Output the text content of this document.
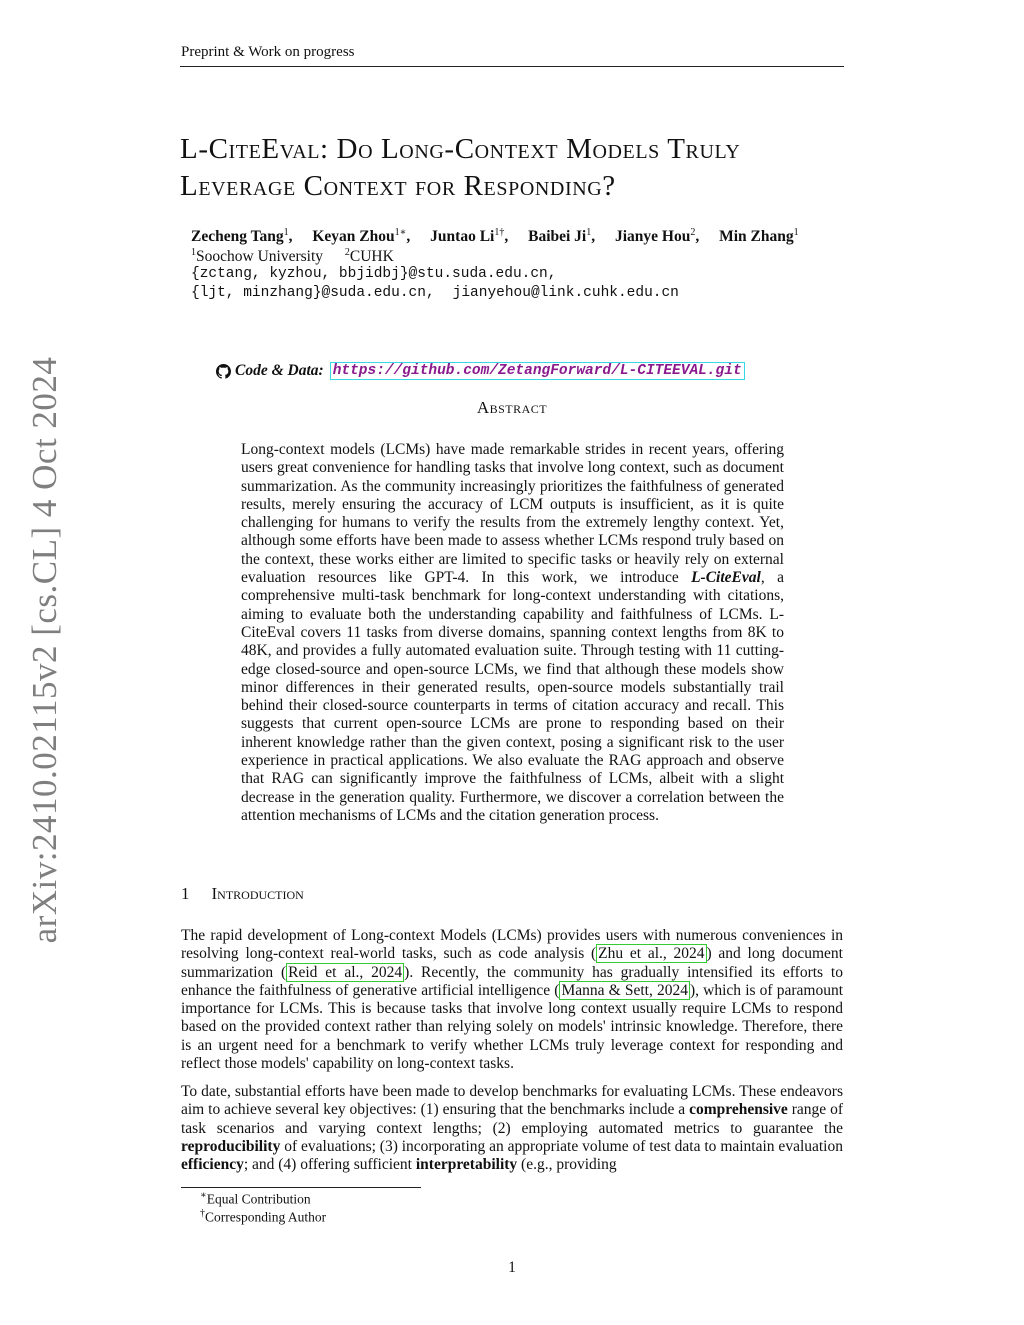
Preprint & Work on progress
arXiv:2410.02115v2 [cs.CL] 4 Oct 2024
L-CiteEval: Do Long-Context Models Truly
Leverage Context for Responding?
Zecheng Tang$^1$, Keyan Zhou$^{1∗}$, Juntao $Li^{1\dagger}$, Baibei Ji$^1$, Jianye Hou$^2$, Min Zhang$^1$
$^1$Soochow University $^2$CUHK
{zctang, kyzhou, bbjidbj}@stu.suda.edu.cn,
{ljt, minzhang}@suda.edu.cn, jianyehou@link.cuhk.edu.cn
Code & Data: https://github.com/ZetangForward/L-CITEEVAL.git
Abstract
Long-context models (LCMs) have made remarkable strides in recent years, offering users great convenience for handling tasks that involve long context, such as document summarization. As the community increasingly prioritizes the faithfulness of generated results, merely ensuring the accuracy of LCM outputs is insufficient, as it is quite challenging for humans to verify the results from the extremely lengthy context. Yet, although some efforts have been made to assess whether LCMs respond truly based on the context, these works either are limited to specific tasks or heavily rely on external evaluation resources like GPT-4. In this work, we introduce L-CiteEval, a comprehensive multi-task benchmark for long-context understanding with citations, aiming to evaluate both the understanding capability and faithfulness of LCMs. L-CiteEval covers 11 tasks from diverse domains, spanning context lengths from 8K to 48K, and provides a fully automated evaluation suite. Through testing with 11 cutting-edge closed-source and open-source LCMs, we find that although these models show minor differences in their generated results, open-source models substantially trail behind their closed-source counterparts in terms of citation accuracy and recall. This suggests that current open-source LCMs are prone to responding based on their inherent knowledge rather than the given context, posing a significant risk to the user experience in practical applications. We also evaluate the RAG approach and observe that RAG can significantly improve the faithfulness of LCMs, albeit with a slight decrease in the generation quality. Furthermore, we discover a correlation between the attention mechanisms of LCMs and the citation generation process.
1 Introduction
The rapid development of Long-context Models (LCMs) provides users with numerous conveniences in resolving long-context real-world tasks, such as code analysis ( Zhu et al., 2024 ) and long document summarization ( Reid et al., 2024 ). Recently, the community has gradually intensified its efforts to enhance the faithfulness of generative artificial intelligence ( Manna & Sett, 2024 ), which is of paramount importance for LCMs. This is because tasks that involve long context usually require LCMs to respond based on the provided context rather than relying solely on models' intrinsic knowledge. Therefore, there is an urgent need for a benchmark to verify whether LCMs truly leverage context for responding and reflect those models' capability on long-context tasks.
To date, substantial efforts have been made to develop benchmarks for evaluating LCMs. These endeavors aim to achieve several key objectives: (1) ensuring that the benchmarks include a comprehensive range of task scenarios and varying context lengths; (2) employing automated metrics to guarantee the reproducibility of evaluations; (3) incorporating an appropriate volume of test data to maintain evaluation efficiency; and (4) offering sufficient interpretability (e.g., providing
∗Equal Contribution
†Corresponding Author
1
